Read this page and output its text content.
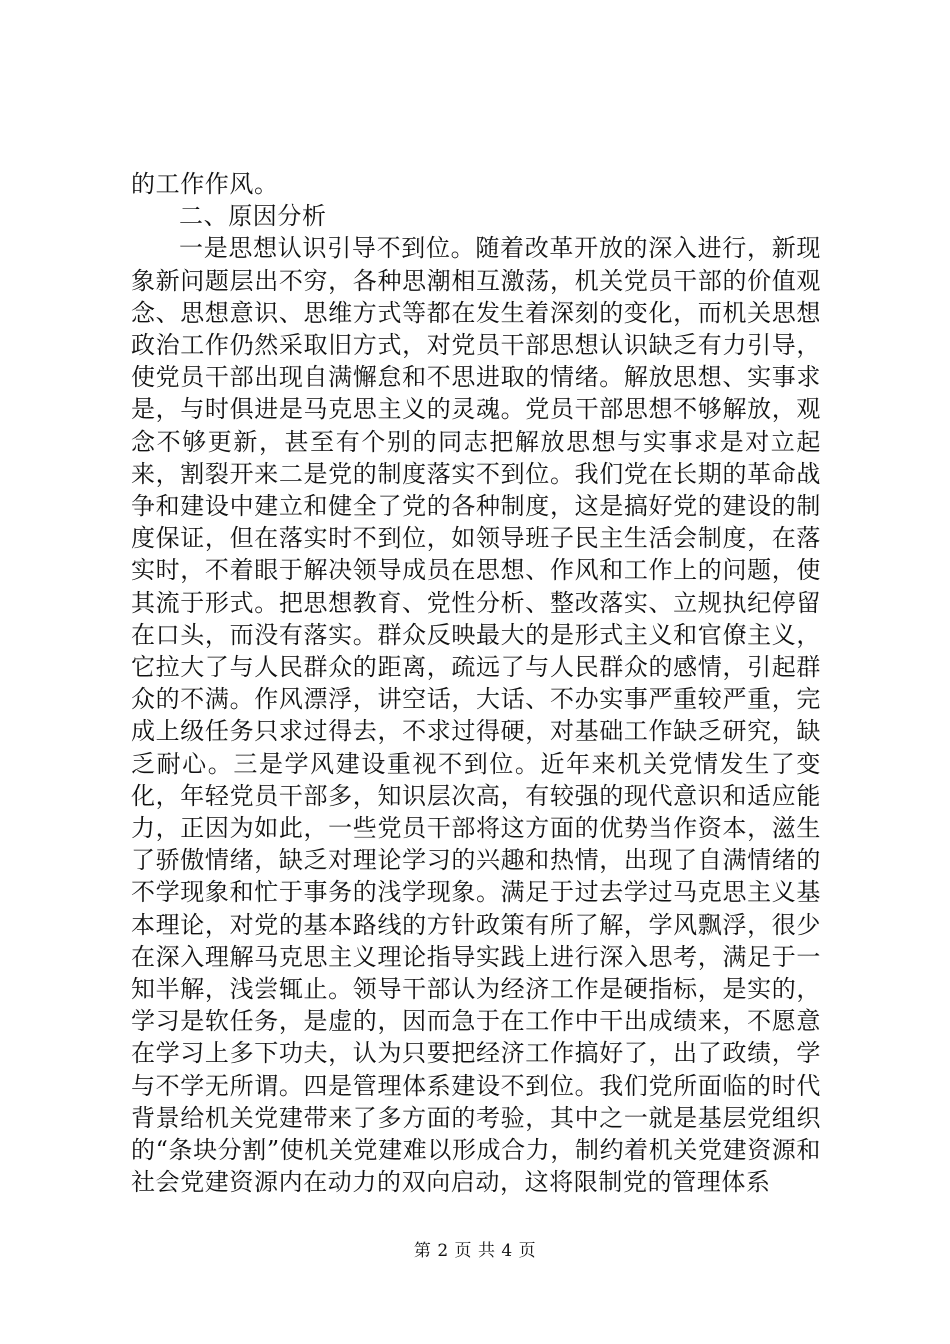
的工作作风。

二、原因分析

一是思想认识引导不到位。随着改革开放的深入进行，新现象新问题层出不穷，各种思潮相互激荡，机关党员干部的价值观念、思想意识、思维方式等都在发生着深刻的变化，而机关思想政治工作仍然采取旧方式，对党员干部思想认识缺乏有力引导，使党员干部出现自满懈怠和不思进取的情绪。解放思想、实事求是，与时俱进是马克思主义的灵魂。党员干部思想不够解放，观念不够更新，甚至有个别的同志把解放思想与实事求是对立起来，割裂开来二是党的制度落实不到位。我们党在长期的革命战争和建设中建立和健全了党的各种制度，这是搞好党的建设的制度保证，但在落实时不到位，如领导班子民主生活会制度，在落实时，不着眼于解决领导成员在思想、作风和工作上的问题，使其流于形式。把思想教育、党性分析、整改落实、立规执纪停留在口头，而没有落实。群众反映最大的是形式主义和官僚主义，它拉大了与人民群众的距离，疏远了与人民群众的感情，引起群众的不满。作风漂浮，讲空话，大话、不办实事严重较严重，完成上级任务只求过得去，不求过得硬，对基础工作缺乏研究，缺乏耐心。三是学风建设重视不到位。近年来机关党情发生了变化，年轻党员干部多，知识层次高，有较强的现代意识和适应能力，正因为如此，一些党员干部将这方面的优势当作资本，滋生了骄傲情绪，缺乏对理论学习的兴趣和热情，出现了自满情绪的不学现象和忙于事务的浅学现象。满足于过去学过马克思主义基本理论，对党的基本路线的方针政策有所了解，学风飘浮，很少在深入理解马克思主义理论指导实践上进行深入思考，满足于一知半解，浅尝辄止。领导干部认为经济工作是硬指标，是实的，学习是软任务，是虚的，因而急于在工作中干出成绩来，不愿意在学习上多下功夫，认为只要把经济工作搞好了，出了政绩，学与不学无所谓。四是管理体系建设不到位。我们党所面临的时代背景给机关党建带来了多方面的考验，其中之一就是基层党组织的“条块分割”使机关党建难以形成合力，制约着机关党建资源和社会党建资源内在动力的双向启动，这将限制党的管理体系

第 2 页 共 4 页
